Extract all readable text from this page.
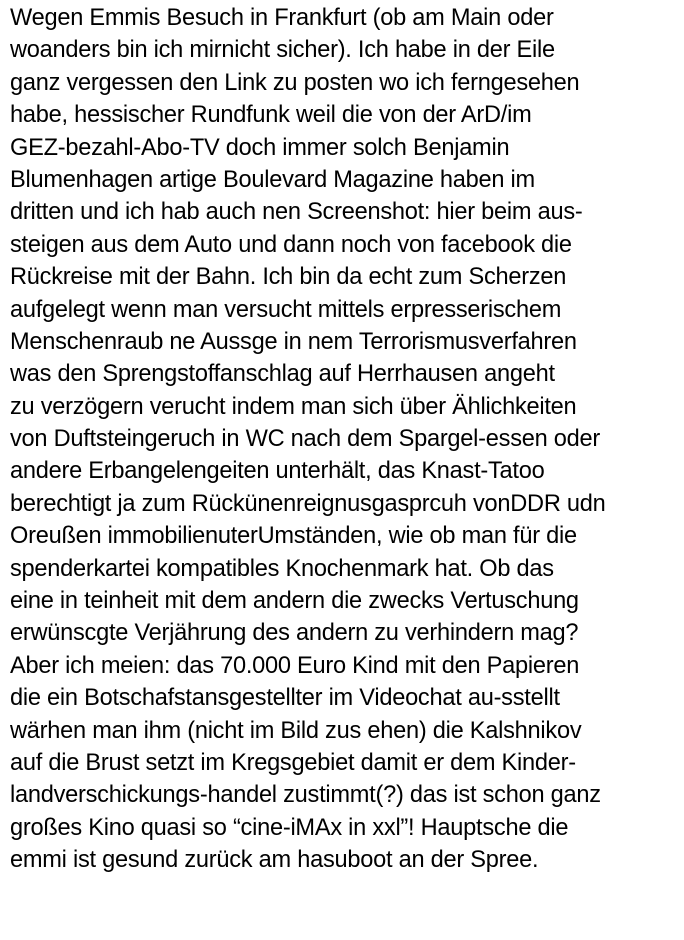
Wegen Emmis Besuch in Frankfurt (ob am Main oder
woanders bin ich mirnicht sicher). Ich habe in der Eile
ganz vergessen den Link zu posten wo ich ferngesehen
habe, hessischer Rundfunk weil die von der ArD/im
GEZ-bezahl-Abo-TV doch immer solch Benjamin
Blumenhagen artige Boulevard Magazine haben im
dritten und ich hab auch nen Screenshot: hier beim aus-
steigen aus dem Auto und dann noch von facebook die
Rückreise mit der Bahn. Ich bin da echt zum Scherzen
aufgelegt wenn man versucht mittels erpresserischem
Menschenraub ne Aussge in nem Terrorismusverfahren
was den Sprengstoffanschlag auf Herrhausen angeht
zu verzögern verucht indem man sich über Ählichkeiten
von Duftsteingeruch in WC nach dem Spargel-essen oder
andere Erbangelengeiten unterhält, das Knast-Tatoo
berechtigt ja zum Rückünenreignusgasprcuh vonDDR udn
Oreußen immobilienuterUmständen, wie ob man für die
spenderkartei kompatibles Knochenmark hat. Ob das
eine in teinheit mit dem andern die zwecks Vertuschung
erwünscgte Verjährung des andern zu verhindern mag?
Aber ich meien: das 70.000 Euro Kind mit den Papieren
die ein Botschafstansgestellter im Videochat au-sstellt
wärhen man ihm (nicht im Bild zus ehen) die Kalshnikov
auf die Brust setzt im Kregsgebiet damit er dem Kinder-
landverschickungs-handel zustimmt(?) das ist schon ganz
großes Kino quasi so “cine-iMAx in xxl”! Hauptsche die
emmi ist gesund zurück am hasuboot an der Spree.
